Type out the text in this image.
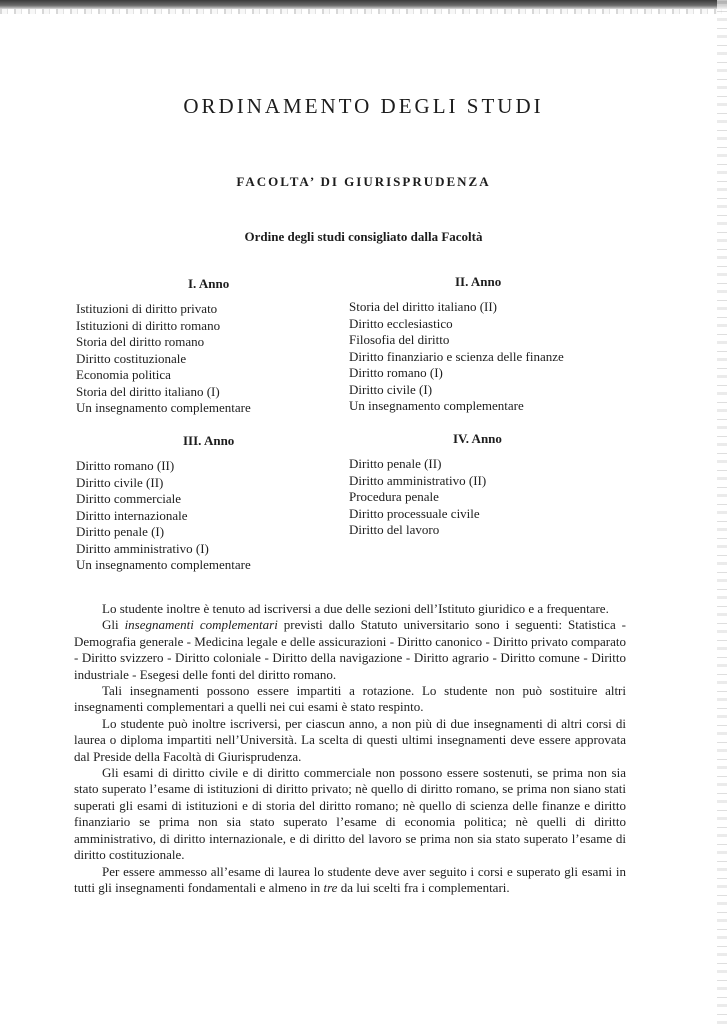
ORDINAMENTO DEGLI STUDI
FACOLTA’ DI GIURISPRUDENZA
Ordine degli studi consigliato dalla Facoltà
I. Anno
Istituzioni di diritto privato
Istituzioni di diritto romano
Storia del diritto romano
Diritto costituzionale
Economia politica
Storia del diritto italiano (I)
Un insegnamento complementare
II. Anno
Storia del diritto italiano (II)
Diritto ecclesiastico
Filosofia del diritto
Diritto finanziario e scienza delle finanze
Diritto romano (I)
Diritto civile (I)
Un insegnamento complementare
III. Anno
Diritto romano (II)
Diritto civile (II)
Diritto commerciale
Diritto internazionale
Diritto penale (I)
Diritto amministrativo (I)
Un insegnamento complementare
IV. Anno
Diritto penale (II)
Diritto amministrativo (II)
Procedura penale
Diritto processuale civile
Diritto del lavoro

Lo studente inoltre è tenuto ad iscriversi a due delle sezioni dell’Istituto giuridico e a frequentare.

Gli insegnamenti complementari previsti dallo Statuto universitario sono i seguenti: Statistica - Demografia generale - Medicina legale e delle assicurazioni - Diritto canonico - Diritto privato comparato - Diritto svizzero - Diritto coloniale - Diritto della navigazione - Diritto agrario - Diritto comune - Diritto industriale - Esegesi delle fonti del diritto romano.

Tali insegnamenti possono essere impartiti a rotazione. Lo studente non può sostituire altri insegnamenti complementari a quelli nei cui esami è stato respinto.

Lo studente può inoltre iscriversi, per ciascun anno, a non più di due insegnamenti di altri corsi di laurea o diploma impartiti nell’Università. La scelta di questi ultimi insegnamenti deve essere approvata dal Preside della Facoltà di Giurisprudenza.

Gli esami di diritto civile e di diritto commerciale non possono essere sostenuti, se prima non sia stato superato l’esame di istituzioni di diritto privato; nè quello di diritto romano, se prima non siano stati superati gli esami di istituzioni e di storia del diritto romano; nè quello di scienza delle finanze e diritto finanziario se prima non sia stato superato l’esame di economia politica; nè quelli di diritto amministrativo, di diritto internazionale, e di diritto del lavoro se prima non sia stato superato l’esame di diritto costituzionale.

Per essere ammesso all’esame di laurea lo studente deve aver seguito i corsi e superato gli esami in tutti gli insegnamenti fondamentali e almeno in tre da lui scelti fra i complementari.
